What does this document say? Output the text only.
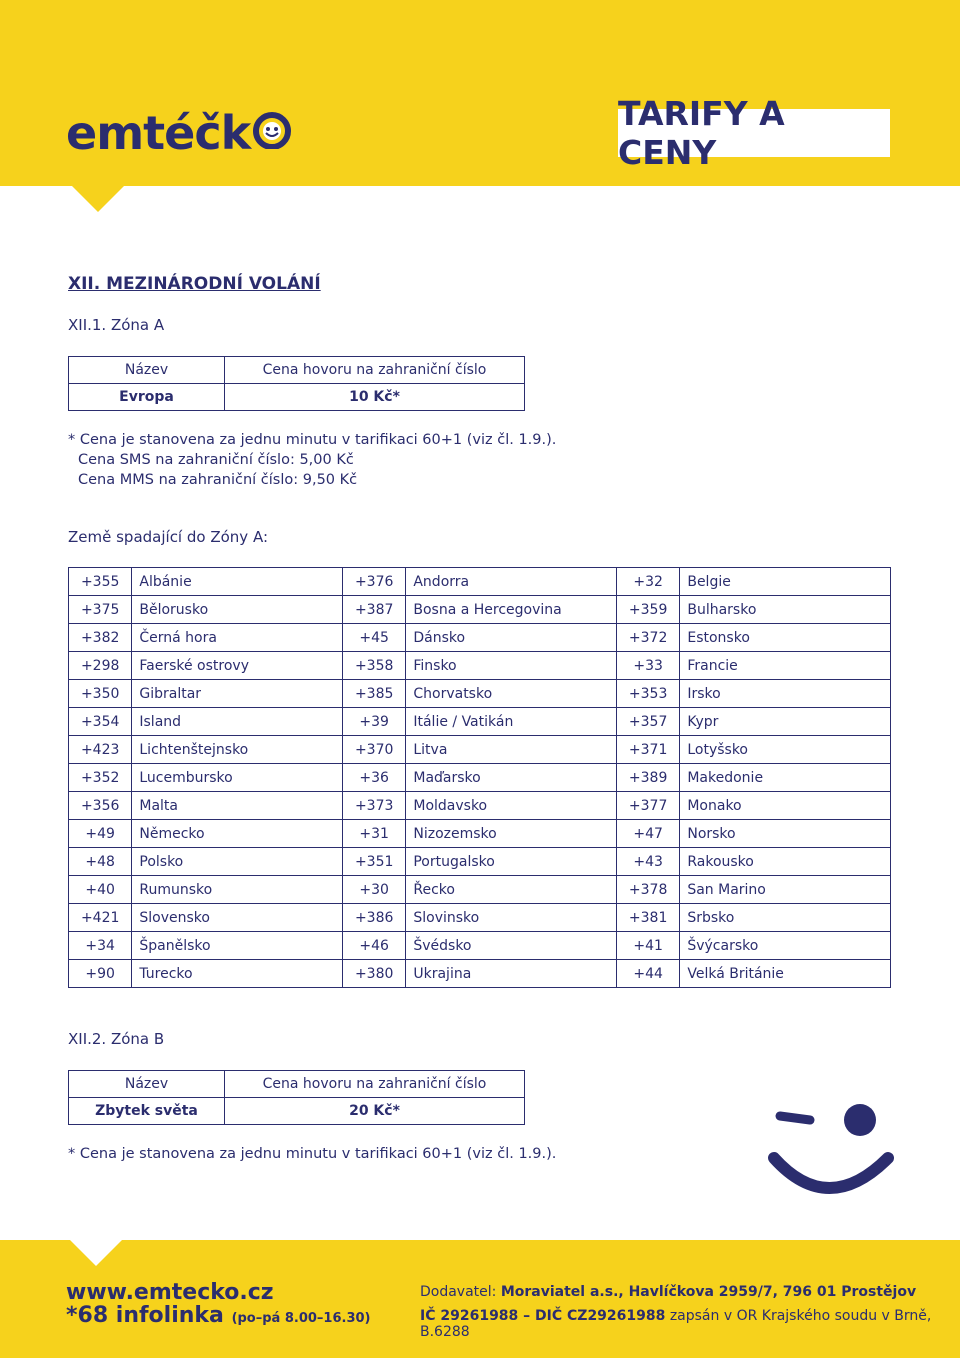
emtéčk	TARIFY A CENY
XII. MEZINÁRODNÍ VOLÁNÍ
XII.1. Zóna A
Název	Cena hovoru na zahraniční číslo
Evropa	10 Kč*
* Cena je stanovena za jednu minutu v tarifikaci 60+1 (viz čl. 1.9.).
Cena SMS na zahraniční číslo: 5,00 Kč
Cena MMS na zahraniční číslo: 9,50 Kč
Země spadající do Zóny A:
+355	Albánie	+376	Andorra	+32	Belgie
+375	Bělorusko	+387	Bosna a Hercegovina	+359	Bulharsko
+382	Černá hora	+45	Dánsko	+372	Estonsko
+298	Faerské ostrovy	+358	Finsko	+33	Francie
+350	Gibraltar	+385	Chorvatsko	+353	Irsko
+354	Island	+39	Itálie / Vatikán	+357	Kypr
+423	Lichtenštejnsko	+370	Litva	+371	Lotyšsko
+352	Lucembursko	+36	Maďarsko	+389	Makedonie
+356	Malta	+373	Moldavsko	+377	Monako
+49	Německo	+31	Nizozemsko	+47	Norsko
+48	Polsko	+351	Portugalsko	+43	Rakousko
+40	Rumunsko	+30	Řecko	+378	San Marino
+421	Slovensko	+386	Slovinsko	+381	Srbsko
+34	Španělsko	+46	Švédsko	+41	Švýcarsko
+90	Turecko	+380	Ukrajina	+44	Velká Británie
XII.2. Zóna B
Název	Cena hovoru na zahraniční číslo
Zbytek světa	20 Kč*
* Cena je stanovena za jednu minutu v tarifikaci 60+1 (viz čl. 1.9.).
www.emtecko.cz
*68 infolinka (po–pá 8.00–16.30)
Dodavatel: Moraviatel a.s., Havlíčkova 2959/7, 796 01 Prostějov
IČ 29261988 – DIČ CZ29261988 zapsán v OR Krajského soudu v Brně, B.6288
